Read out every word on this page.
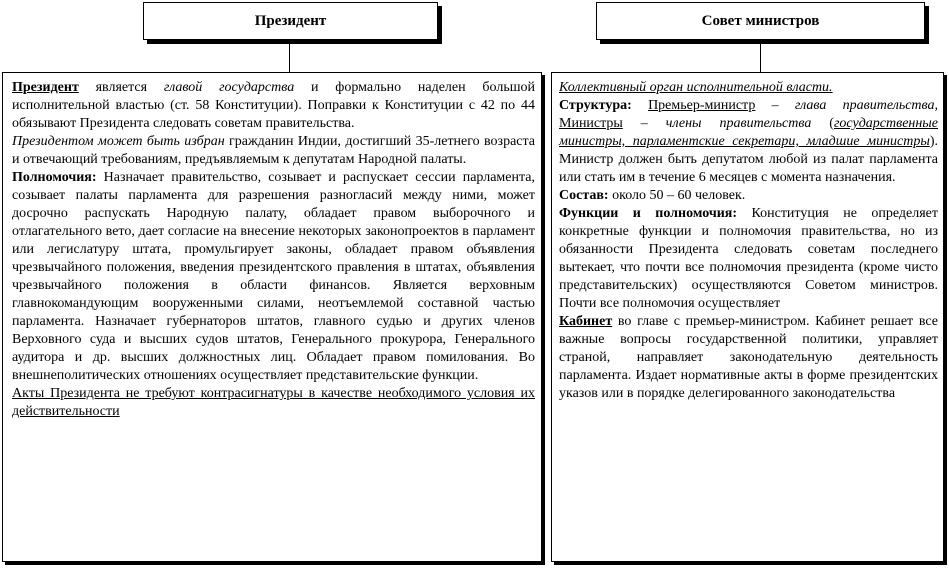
Президент	Совет министров

Президент является главой государства и формально наделен большой исполнительной властью (ст. 58 Конституции). Поправки к Конституции с 42 по 44 обязывают Президента следовать советам правительства.

Президентом может быть избран гражданин Индии, достигший 35-летнего возраста и отвечающий требованиям, предъявляемым к депутатам Народной палаты.

Полномочия: Назначает правительство, созывает и распускает сессии парламента, созывает палаты парламента для разрешения разногласий между ними, может досрочно распускать Народную палату, обладает правом выборочного и отлагательного вето, дает согласие на внесение некоторых законопроектов в парламент или легислатуру штата, промульгирует законы, обладает правом объявления чрезвычайного положения, введения президентского правления в штатах, объявления чрезвычайного положения в области финансов. Является верховным главнокомандующим вооруженными силами, неотъемлемой составной частью парламента. Назначает губернаторов штатов, главного судью и других членов Верховного суда и высших судов штатов, Генерального прокурора, Генерального аудитора и др. высших должностных лиц. Обладает правом помилования. Во внешнеполитических отношениях осуществляет представительские функции.

Акты Президента не требуют контрасигнатуры в качестве необходимого условия их действительности

Коллективный орган исполнительной власти.

Структура: Премьер-министр – глава правительства, Министры – члены правительства (государственные министры, парламентские секретари, младшие министры). Министр должен быть депутатом любой из палат парламента или стать им в течение 6 месяцев с момента назначения.

Состав: около 50 – 60 человек.

Функции и полномочия: Конституция не определяет конкретные функции и полномочия правительства, но из обязанности Президента следовать советам последнего вытекает, что почти все полномочия президента (кроме чисто представительских) осуществляются Советом министров. Почти все полномочия осуществляет

Кабинет во главе с премьер-министром. Кабинет решает все важные вопросы государственной политики, управляет страной, направляет законодательную деятельность парламента. Издает нормативные акты в форме президентских указов или в порядке делегированного законодательства
